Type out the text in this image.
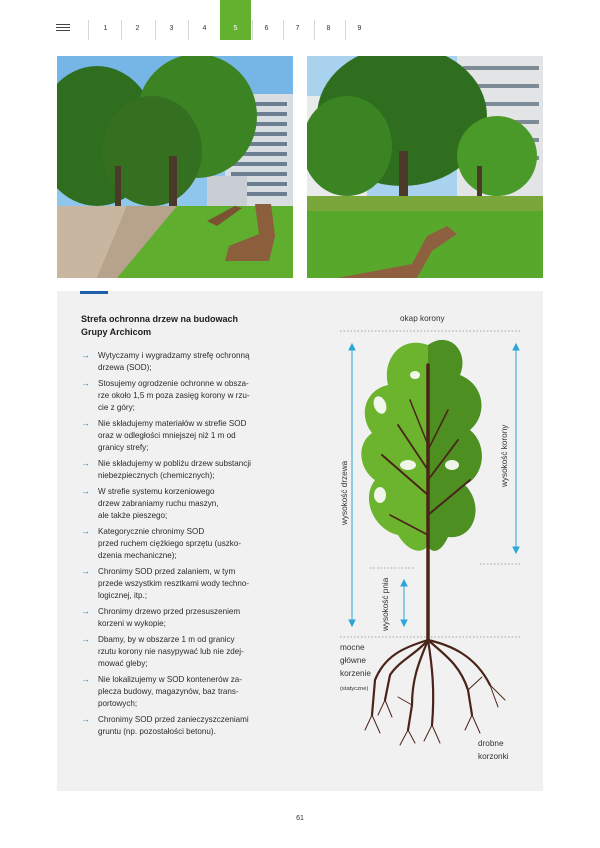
1	2	3	4	5	6	7	8	9
Strefa ochronna drzew na budowach
Grupy Archicom
→ Wytyczamy i wygradzamy strefę ochronną
drzewa (SOD);
→ Stosujemy ogrodzenie ochronne w obsza-
rze około 1,5 m poza zasięg korony w rzu-
cie z góry;
→ Nie składujemy materiałów w strefie SOD
oraz w odległości mniejszej niż 1 m od
granicy strefy;
→ Nie składujemy w pobliżu drzew substancji
niebezpiecznych (chemicznych);
→ W strefie systemu korzeniowego
drzew zabraniamy ruchu maszyn,
ale także pieszego;
→ Kategorycznie chronimy SOD
przed ruchem ciężkiego sprzętu (uszko-
dzenia mechaniczne);
→ Chronimy SOD przed zalaniem, w tym
przede wszystkim resztkami wody techno-
logicznej, itp.;
→ Chronimy drzewo przed przesuszeniem
korzeni w wykopie;
→ Dbamy, by w obszarze 1 m od granicy
rzutu korony nie nasypywać lub nie zdej-
mować gleby;
→ Nie lokalizujemy w SOD kontenerów za-
plecza budowy, magazynów, baz trans-
portowych;
→ Chronimy SOD przed zanieczyszczeniami
gruntu (np. pozostałości betonu).
okap korony
wysokość drzewa
wysokość korony
wysokość pnia
mocne
główne
korzenie
(statyczne)
drobne
korzonki
61
